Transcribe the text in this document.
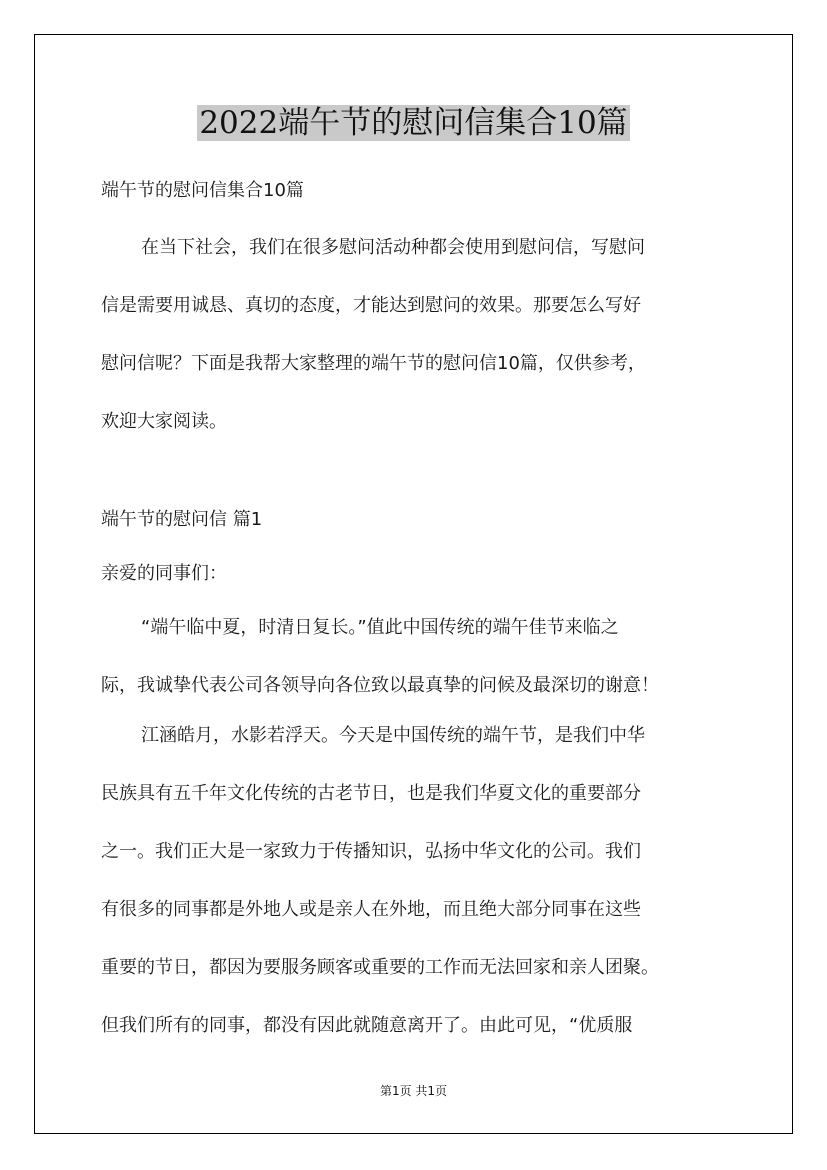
2022端午节的慰问信集合10篇
端午节的慰问信集合10篇
在当下社会，我们在很多慰问活动种都会使用到慰问信，写慰问
信是需要用诚恳、真切的态度，才能达到慰问的效果。那要怎么写好
慰问信呢？下面是我帮大家整理的端午节的慰问信10篇，仅供参考，
欢迎大家阅读。
端午节的慰问信 篇1
亲爱的同事们：
“端午临中夏，时清日复长。”值此中国传统的端午佳节来临之
际，我诚挚代表公司各领导向各位致以最真挚的问候及最深切的谢意！
江涵皓月，水影若浮天。今天是中国传统的端午节，是我们中华
民族具有五千年文化传统的古老节日，也是我们华夏文化的重要部分
之一。我们正大是一家致力于传播知识，弘扬中华文化的公司。我们
有很多的同事都是外地人或是亲人在外地，而且绝大部分同事在这些
重要的节日，都因为要服务顾客或重要的工作而无法回家和亲人团聚。
但我们所有的同事，都没有因此就随意离开了。由此可见，“优质服
第1页 共1页
